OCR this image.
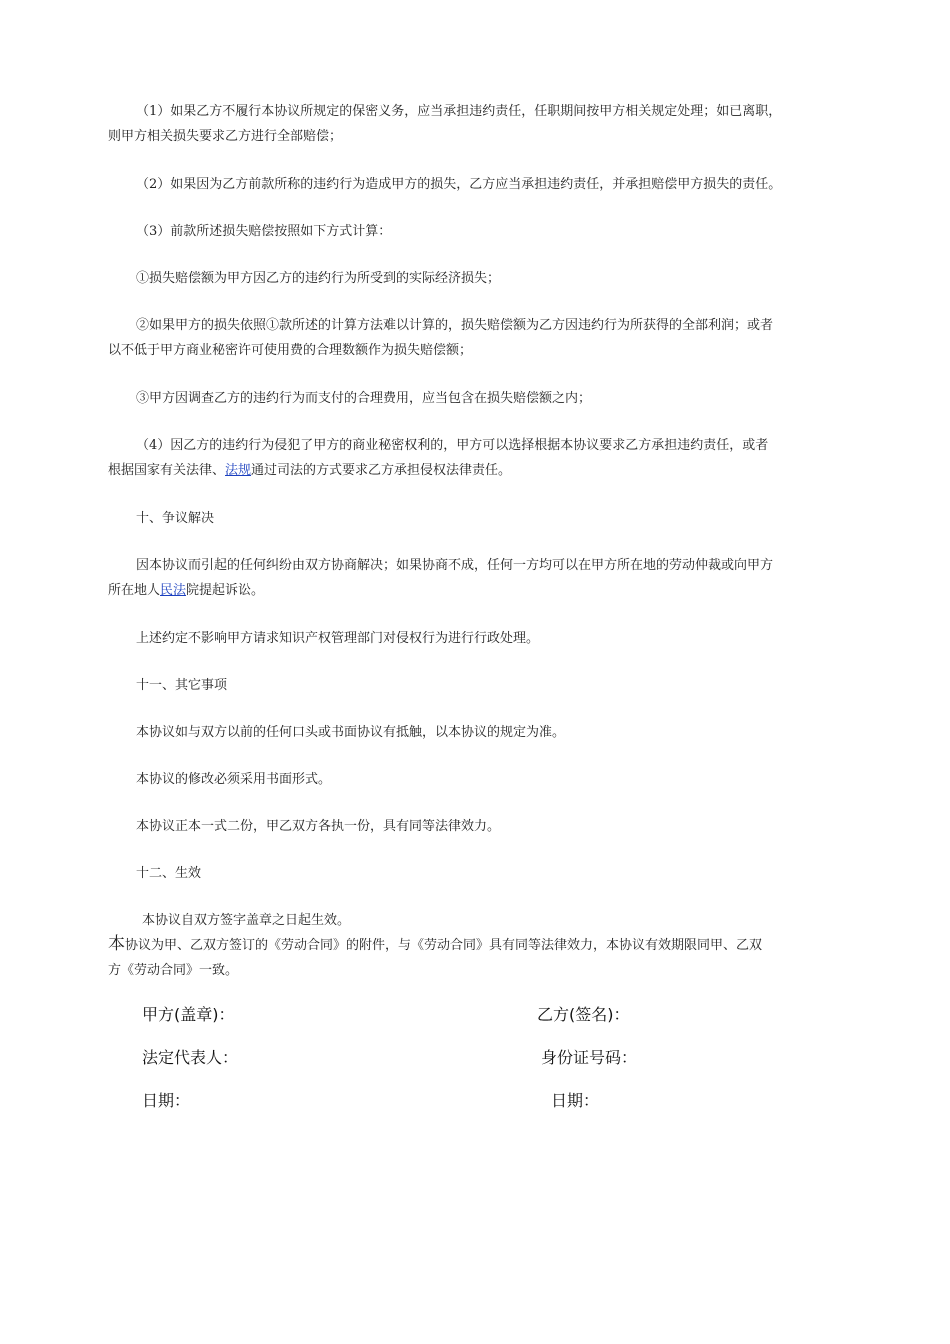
（1）如果乙方不履行本协议所规定的保密义务，应当承担违约责任，任职期间按甲方相关规定处理；如已离职，
则甲方相关损失要求乙方进行全部赔偿；

（2）如果因为乙方前款所称的违约行为造成甲方的损失，乙方应当承担违约责任，并承担赔偿甲方损失的责任。

（3）前款所述损失赔偿按照如下方式计算：

①损失赔偿额为甲方因乙方的违约行为所受到的实际经济损失；

②如果甲方的损失依照①款所述的计算方法难以计算的，损失赔偿额为乙方因违约行为所获得的全部利润；或者
以不低于甲方商业秘密许可使用费的合理数额作为损失赔偿额；

③甲方因调查乙方的违约行为而支付的合理费用，应当包含在损失赔偿额之内；

（4）因乙方的违约行为侵犯了甲方的商业秘密权利的，甲方可以选择根据本协议要求乙方承担违约责任，或者
根据国家有关法律、法规通过司法的方式要求乙方承担侵权法律责任。

十、争议解决

因本协议而引起的任何纠纷由双方协商解决；如果协商不成，任何一方均可以在甲方所在地的劳动仲裁或向甲方
所在地人民法院提起诉讼。

上述约定不影响甲方请求知识产权管理部门对侵权行为进行行政处理。

十一、其它事项

本协议如与双方以前的任何口头或书面协议有抵触，以本协议的规定为准。

本协议的修改必须采用书面形式。

本协议正本一式二份，甲乙双方各执一份，具有同等法律效力。

十二、生效

本协议自双方签字盖章之日起生效。

本协议为甲、乙双方签订的《劳动合同》的附件，与《劳动合同》具有同等法律效力，本协议有效期限同甲、乙双
方《劳动合同》一致。

甲方(盖章)：	乙方(签名)：
法定代表人：	身份证号码：
日期：	日期：
